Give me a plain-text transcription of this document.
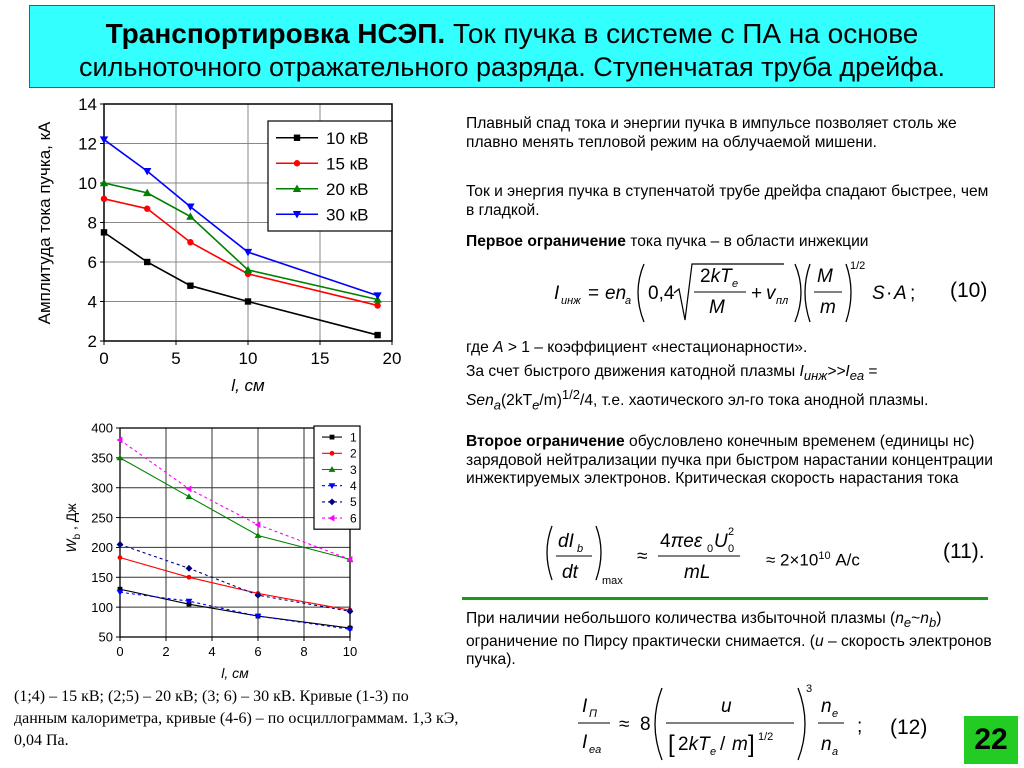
Транспортировка НСЭП. Ток пучка в системе с ПА на основе
сильноточного отражательного разряда. Ступенчатая труба дрейфа.
2
4
6
8
10
12
14
0	5	10	15	20
10 кВ
15 кВ
20 кВ
30 кВ
Амплитуда тока пучка, кА
l, см
50
100
150
200
250
300
350
400
0	2	4	6	8	10
1
2
3
4
5
6
$W_b$ , Дж
l, см
Плавный спад тока и энергии пучка в импульсе позволяет столь же плавно менять тепловой режим на облучаемой мишени.
Ток и энергия пучка в ступенчатой трубе дрейфа спадают быстрее, чем в гладкой.
Первое ограничение тока пучка – в области инжекции
I инж = en
a 0,4
2kT e
M
+ v пл
M
m
1/2
S · A ; (10)
где A > 1 – коэффициент «нестационарности».
За счет быстрого движения катодной плазмы $I_{инж}>>I_{еа} = Sen_a(2kT_e/m)^{1/2}/4$, т.е. хаотического эл-го тока анодной плазмы.
Второе ограничение обусловлено конечным временем (единицы нс) зарядовой нейтрализации пучка при быстром нарастании концентрации инжектируемых электронов. Критическая скорость нарастания тока
dI b
dt max
≈
4πeε 0 U 0
2
mL
≈ $2\times 10^{10}$ А/с	(11).
При наличии небольшого количества избыточной плазмы $(n_e\sim n_b)$ ограничение по Пирсу практически снимается. (u – скорость электронов пучка).
I П
I eа
≈ 8
u
[ 2kT e / m ] 1/2
3
n e
n a
; (12)
(1;4) – 15 кВ; (2;5) – 20 кВ; (3; 6) – 30 кВ. Кривые (1-3) по данным калориметра, кривые (4-6) – по осциллограммам. 1,3 кЭ, 0,04 Па.	22
